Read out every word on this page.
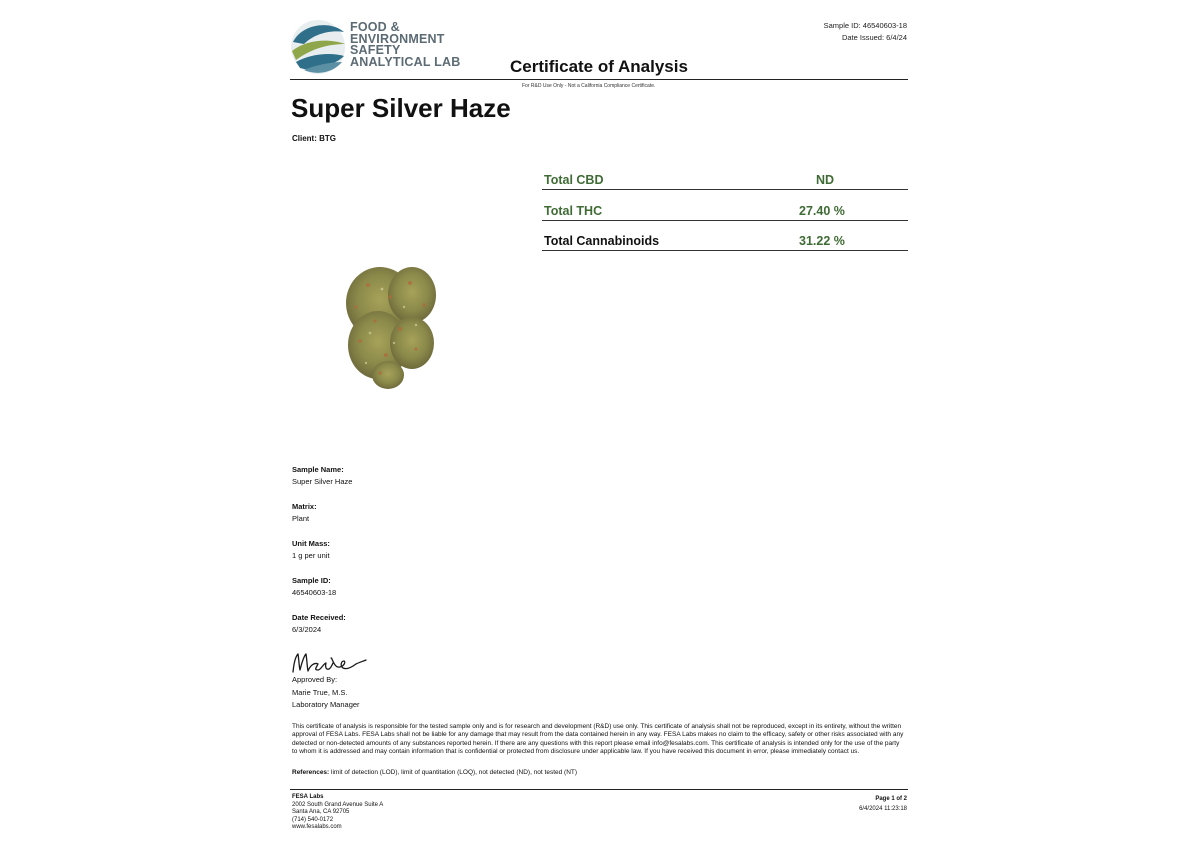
FOOD &
ENVIRONMENT
SAFETY
ANALYTICAL LAB
Sample ID: 46540603-18
Date Issued: 6/4/24
Certificate of Analysis
For R&D Use Only - Not a California Compliance Certificate.
Super Silver Haze
Client: BTG
Total CBD	ND
Total THC	27.40 %
Total Cannabinoids	31.22 %
Sample Name:
Super Silver Haze
Matrix:
Plant
Unit Mass:
1 g per unit
Sample ID:
46540603-18
Date Received:
6/3/2024
Approved By:
Marie True, M.S.
Laboratory Manager
This certificate of analysis is responsible for the tested sample only and is for research and development (R&D) use only. This certificate of analysis shall not be reproduced, except in its entirety, without the written approval of FESA Labs. FESA Labs shall not be liable for any damage that may result from the data contained herein in any way. FESA Labs makes no claim to the efficacy, safety or other risks associated with any detected or non-detected amounts of any substances reported herein. If there are any questions with this report please email info@fesalabs.com. This certificate of analysis is intended only for the use of the party to whom it is addressed and may contain information that is confidential or protected from disclosure under applicable law. If you have received this document in error, please immediately contact us.
References: limit of detection (LOD), limit of quantitation (LOQ), not detected (ND), not tested (NT)
FESA Labs
2002 South Grand Avenue Suite A
Santa Ana, CA 92705
(714) 540-0172
www.fesalabs.com
Page 1 of 2
6/4/2024 11:23:18
